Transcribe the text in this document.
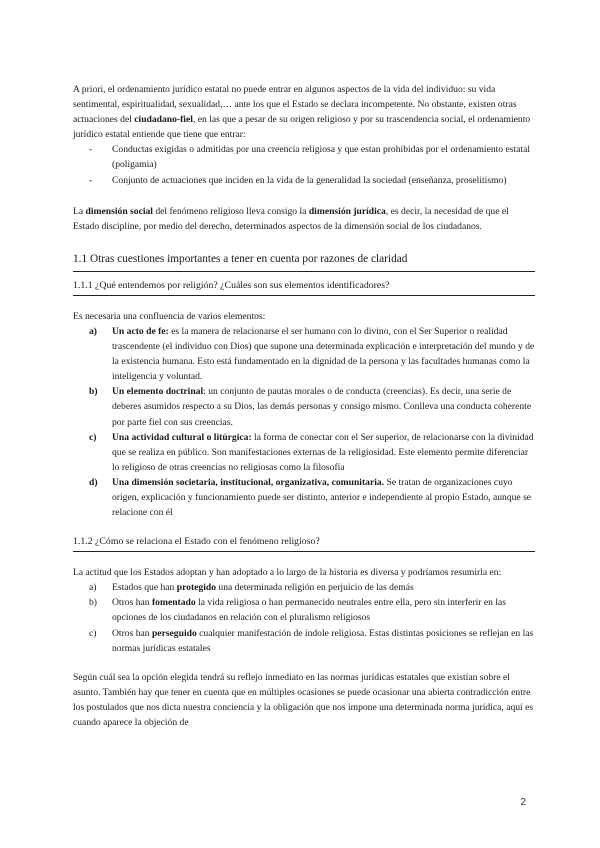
A priori, el ordenamiento jurídico estatal no puede entrar en algunos aspectos de la vida del individuo: su vida sentimental, espiritualidad, sexualidad,… ante los que el Estado se declara incompetente. No obstante, existen otras actuaciones del ciudadano-fiel, en las que a pesar de su origen religioso y por su trascendencia social, el ordenamiento jurídico estatal entiende que tiene que entrar:

- Conductas exigidas o admitidas por una creencia religiosa y que estan prohibidas por el ordenamiento estatal (poligamia)
- Conjunto de actuaciones que inciden en la vida de la generalidad la sociedad (enseñanza, proselitismo)

La dimensión social del fenómeno religioso lleva consigo la dimensión jurídica, es decir, la necesidad de que el Estado discipline, por medio del derecho, determinados aspectos de la dimensión social de los ciudadanos.

1.1 Otras cuestiones importantes a tener en cuenta por razones de claridad
1.1.1 ¿Qué entendemos por religión? ¿Cuáles son sus elementos identificadores?

Es necesaria una confluencia de varios elementos:

a) Un acto de fe: es la manera de relacionarse el ser humano con lo divino, con el Ser Superior o realidad trascendente (el individuo con Dios) que supone una determinada explicación e interpretación del mundo y de la existencia humana. Esto está fundamentado en la dignidad de la persona y las facultades humanas como la inteligencia y voluntad.
b) Un elemento doctrinal: un conjunto de pautas morales o de conducta (creencias). Es decir, una serie de deberes asumidos respecto a su Dios, las demás personas y consigo mismo. Conlleva una conducta coherente por parte fiel con sus creencias.
c) Una actividad cultural o litúrgica: la forma de conectar con el Ser superior, de relacionarse con la divinidad que se realiza en público. Son manifestaciones externas de la religiosidad. Este elemento permite diferenciar lo religioso de otras creencias no religiosas como la filosofía
d) Una dimensión societaria, institucional, organizativa, comunitaria. Se tratan de organizaciones cuyo origen, explicación y funcionamiento puede ser distinto, anterior e independiente al propio Estado, aunque se relacione con él
1.1.2 ¿Cómo se relaciona el Estado con el fenómeno religioso?

La actitud que los Estados adoptan y han adoptado a lo largo de la historia es diversa y podríamos resumirla en:

a) Estados que han protegido una determinada religión en perjuicio de las demás
b) Otros han fomentado la vida religiosa o han permanecido neutrales entre ella, pero sin interferir en las opciones de los ciudadanos en relación con el pluralismo religiosos
c) Otros han perseguido cualquier manifestación de índole religiosa. Estas distintas posiciones se reflejan en las normas jurídicas estatales

Según cuál sea la opción elegida tendrá su reflejo inmediato en las normas jurídicas estatales que existían sobre el asunto. También hay que tener en cuenta que en múltiples ocasiones se puede ocasionar una abierta contradicción entre los postulados que nos dicta nuestra conciencia y la obligación que nos impone una determinada norma jurídica, aquí es cuando aparece la objeción de

2
